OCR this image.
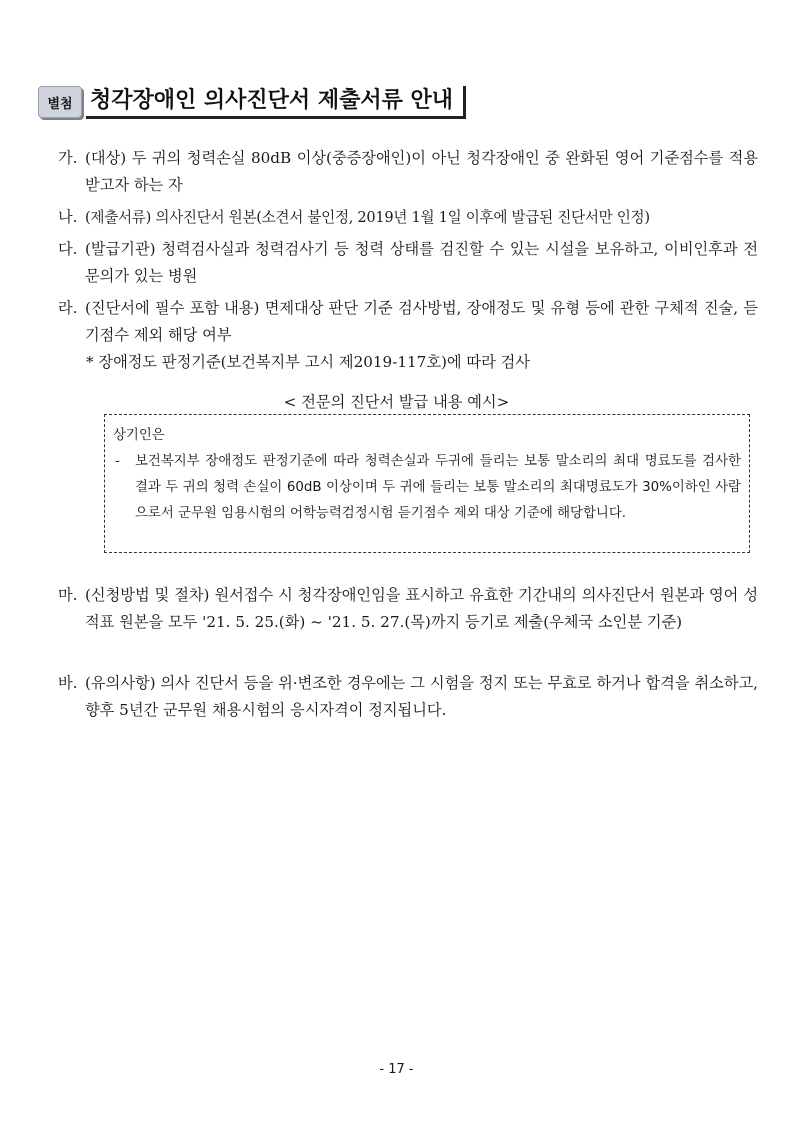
별첨 청각장애인 의사진단서 제출서류 안내
가. (대상) 두 귀의 청력손실 80dB 이상(중증장애인)이 아닌 청각장애인 중 완화된 영어 기준점수를 적용받고자 하는 자
나. (제출서류) 의사진단서 원본(소견서 불인정, 2019년 1월 1일 이후에 발급된 진단서만 인정)
다. (발급기관) 청력검사실과 청력검사기 등 청력 상태를 검진할 수 있는 시설을 보유하고, 이비인후과 전문의가 있는 병원
라. (진단서에 필수 포함 내용) 면제대상 판단 기준 검사방법, 장애정도 및 유형 등에 관한 구체적 진술, 듣기점수 제외 해당 여부
* 장애정도 판정기준(보건복지부 고시 제2019-117호)에 따라 검사
< 전문의 진단서 발급 내용 예시>

상기인은

- 보건복지부 장애정도 판정기준에 따라 청력손실과 두귀에 들리는 보통 말소리의 최대 명료도를 검사한 결과 두 귀의 청력 손실이 60dB 이상이며 두 귀에 들리는 보통 말소리의 최대명료도가 30%이하인 사람으로서 군무원 임용시험의 어학능력검정시험 듣기점수 제외 대상 기준에 해당합니다.
마. (신청방법 및 절차) 원서접수 시 청각장애인임을 표시하고 유효한 기간내의 의사진단서 원본과 영어 성적표 원본을 모두 '21. 5. 25.(화) ~ '21. 5. 27.(목)까지 등기로 제출(우체국 소인분 기준)
바. (유의사항) 의사 진단서 등을 위·변조한 경우에는 그 시험을 정지 또는 무효로 하거나 합격을 취소하고, 향후 5년간 군무원 채용시험의 응시자격이 정지됩니다.
- 17 -
